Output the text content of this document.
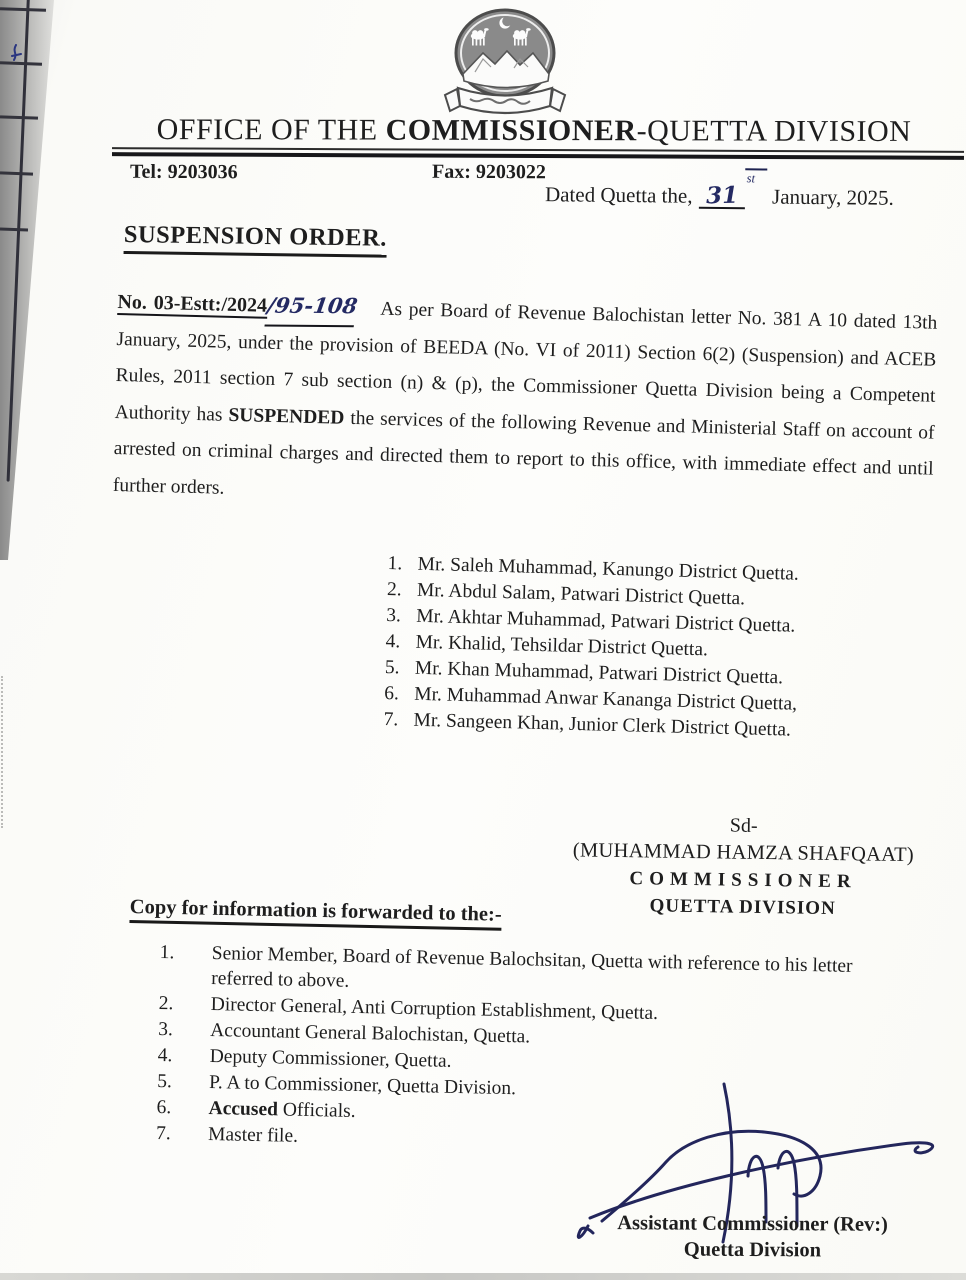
OFFICE OF THE COMMISSIONER-QUETTA DIVISION
Tel: 9203036	Fax: 9203022
Dated Quetta the, 31st January, 2025.
SUSPENSION ORDER.
No. 03-Estt:/2024/95-108 As per Board of Revenue Balochistan letter No. 381 A 10 dated 13th January, 2025, under the provision of BEEDA (No. VI of 2011) Section 6(2) (Suspension) and ACEB Rules, 2011 section 7 sub section (n) & (p), the Commissioner Quetta Division being a Competent Authority has SUSPENDED the services of the following Revenue and Ministerial Staff on account of arrested on criminal charges and directed them to report to this office, with immediate effect and until further orders.
1. Mr. Saleh Muhammad, Kanungo District Quetta.
2. Mr. Abdul Salam, Patwari District Quetta.
3. Mr. Akhtar Muhammad, Patwari District Quetta.
4. Mr. Khalid, Tehsildar District Quetta.
5. Mr. Khan Muhammad, Patwari District Quetta.
6. Mr. Muhammad Anwar Kananga District Quetta,
7. Mr. Sangeen Khan, Junior Clerk District Quetta.
Sd-
(MUHAMMAD HAMZA SHAFQAAT)
COMMISSIONER
QUETTA DIVISION
Copy for information is forwarded to the:-
1.	Senior Member, Board of Revenue Balochsitan, Quetta with reference to his letter referred to above.
2.	Director General, Anti Corruption Establishment, Quetta.
3.	Accountant General Balochistan, Quetta.
4.	Deputy Commissioner, Quetta.
5.	P. A to Commissioner, Quetta Division.
6.	Accused Officials.
7.	Master file.
Assistant Commissioner (Rev:)
Quetta Division
